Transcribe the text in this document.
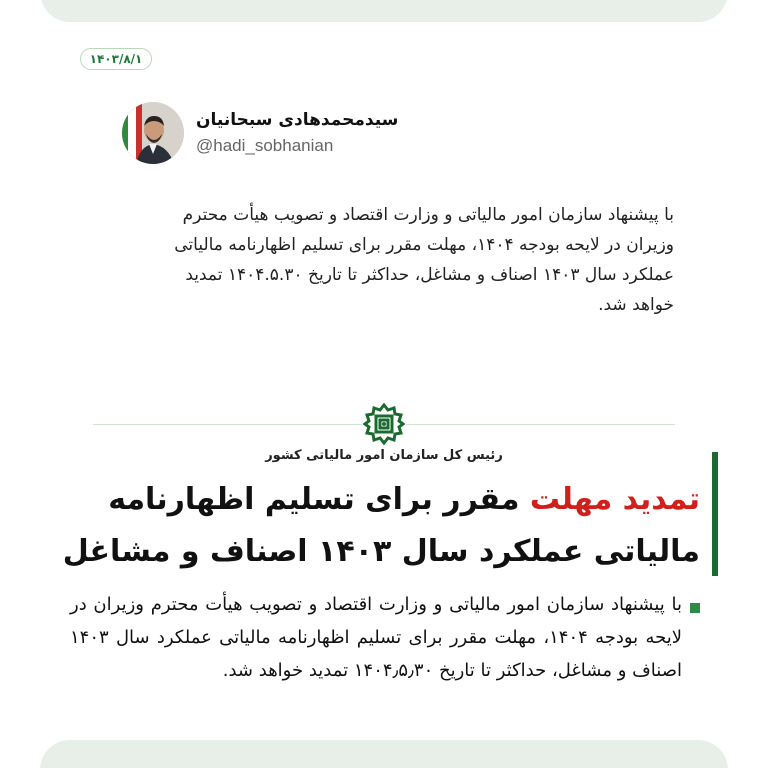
۱۴۰۳/۸/۱
سیدمحمدهادی سبحانیان
@hadi_sobhanian
با پیشنهاد سازمان امور مالیاتی و وزارت اقتصاد و تصویب هیأت محترم وزیران در لایحه بودجه ۱۴۰۴، مهلت مقرر برای تسلیم اظهارنامه مالیاتی عملکرد سال ۱۴۰۳ اصناف و مشاغل، حداکثر تا تاریخ ۱۴۰۴.۵.۳۰ تمدید خواهد شد.
رئیس کل سازمان امور مالیاتی کشور
تمدید مهلت مقرر برای تسلیم اظهارنامه مالیاتی عملکرد سال ۱۴۰۳ اصناف و مشاغل
با پیشنهاد سازمان امور مالیاتی و وزارت اقتصاد و تصویب هیأت محترم وزیران در لایحه بودجه ۱۴۰۴، مهلت مقرر برای تسلیم اظهارنامه مالیاتی عملکرد سال ۱۴۰۳ اصناف و مشاغل، حداکثر تا تاریخ ۱۴۰۴٫۵٫۳۰ تمدید خواهد شد.
